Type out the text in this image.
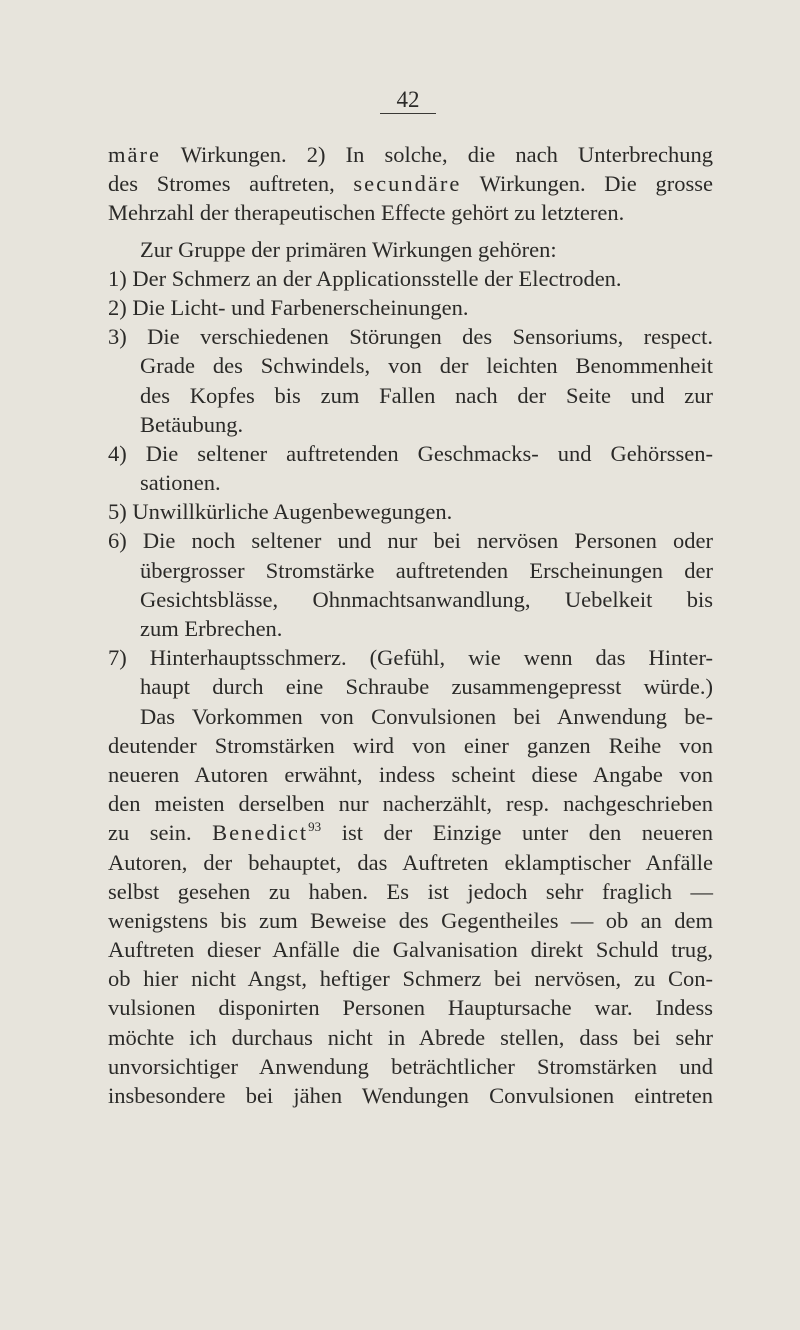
42
märe Wirkungen. 2) In solche, die nach Unterbrechung
des Stromes auftreten, secundäre Wirkungen. Die grosse
Mehrzahl der therapeutischen Effecte gehört zu letzteren.
Zur Gruppe der primären Wirkungen gehören:
1) Der Schmerz an der Applicationsstelle der Electroden.
2) Die Licht- und Farbenerscheinungen.
3) Die verschiedenen Störungen des Sensoriums, respect.
Grade des Schwindels, von der leichten Benommenheit
des Kopfes bis zum Fallen nach der Seite und zur
Betäubung.
4) Die seltener auftretenden Geschmacks- und Gehörssen-
sationen.
5) Unwillkürliche Augenbewegungen.
6) Die noch seltener und nur bei nervösen Personen oder
übergrosser Stromstärke auftretenden Erscheinungen der
Gesichtsblässe, Ohnmachtsanwandlung, Uebelkeit bis
zum Erbrechen.
7) Hinterhauptsschmerz. (Gefühl, wie wenn das Hinter-
haupt durch eine Schraube zusammengepresst würde.)
Das Vorkommen von Convulsionen bei Anwendung be-
deutender Stromstärken wird von einer ganzen Reihe von
neueren Autoren erwähnt, indess scheint diese Angabe von
den meisten derselben nur nacherzählt, resp. nachgeschrieben
zu sein. Benedict$^{93}$ ist der Einzige unter den neueren
Autoren, der behauptet, das Auftreten eklamptischer Anfälle
selbst gesehen zu haben. Es ist jedoch sehr fraglich —
wenigstens bis zum Beweise des Gegentheiles — ob an dem
Auftreten dieser Anfälle die Galvanisation direkt Schuld trug,
ob hier nicht Angst, heftiger Schmerz bei nervösen, zu Con-
vulsionen disponirten Personen Hauptursache war. Indess
möchte ich durchaus nicht in Abrede stellen, dass bei sehr
unvorsichtiger Anwendung beträchtlicher Stromstärken und
insbesondere bei jähen Wendungen Convulsionen eintreten
